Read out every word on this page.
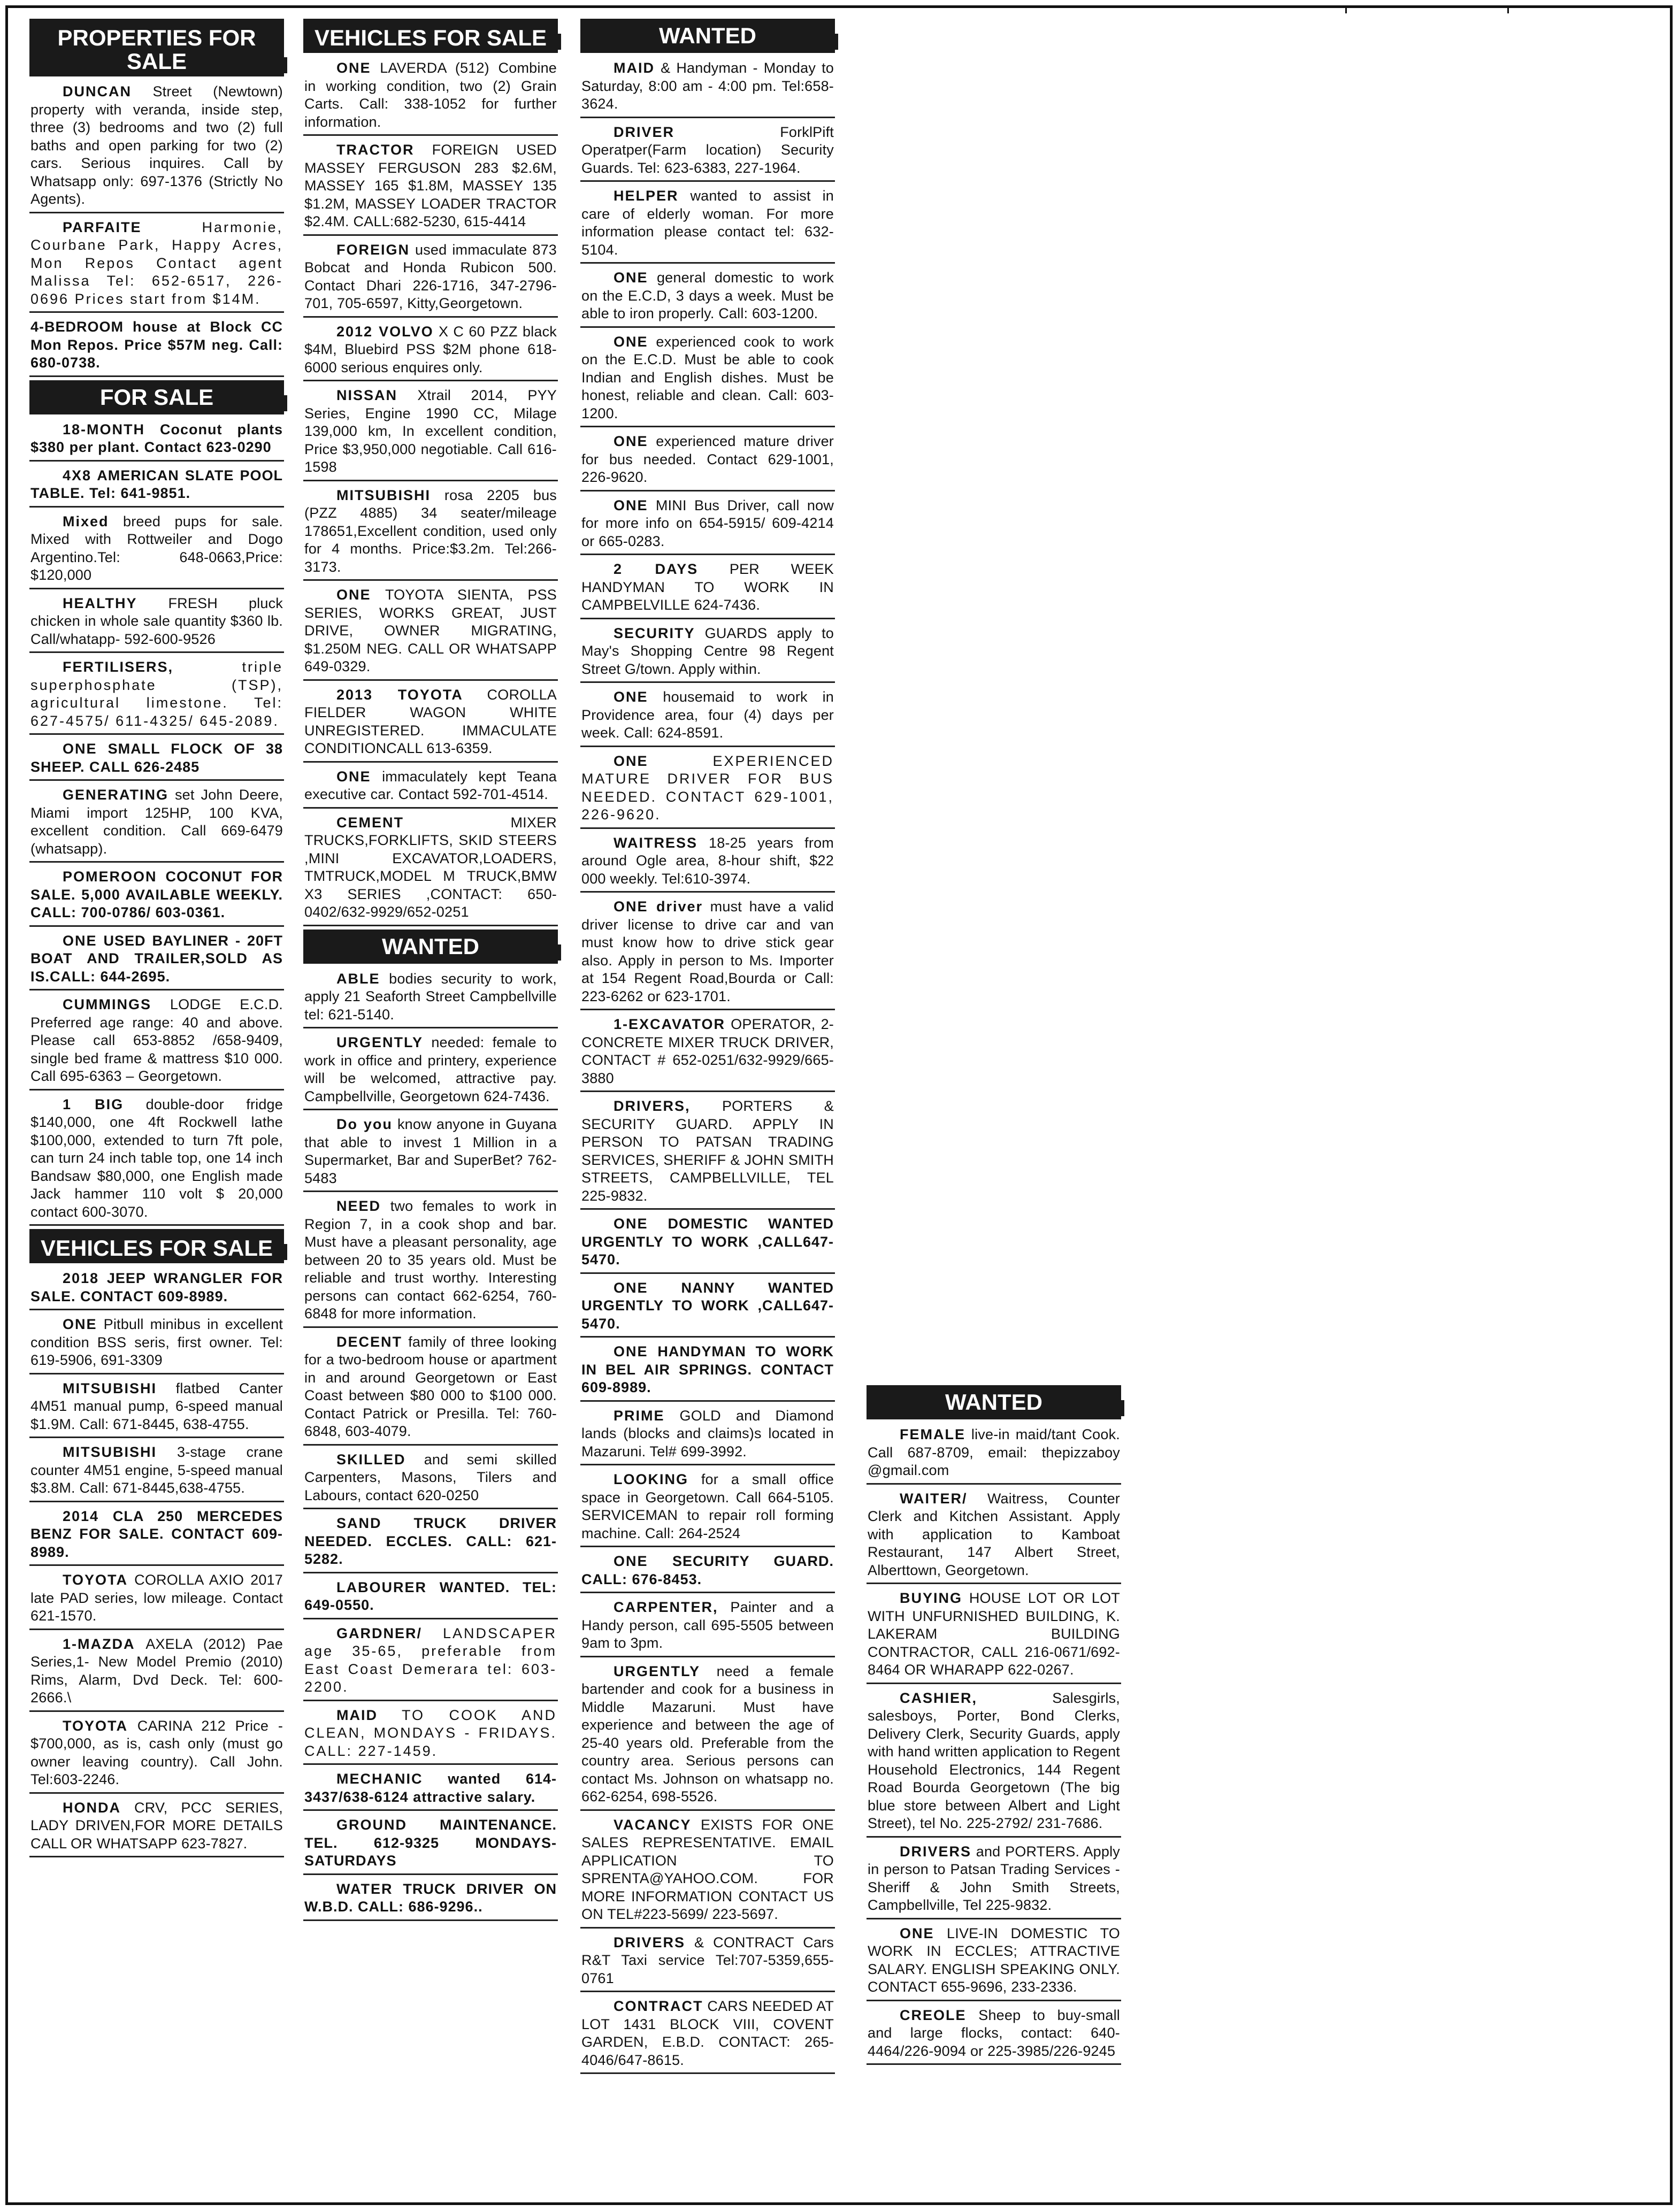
PROPERTIES FOR SALE
DUNCAN Street (Newtown) property with veranda, inside step, three (3) bedrooms and two (2) full baths and open parking for two (2) cars. Serious inquires. Call by Whatsapp only: 697-1376 (Strictly No Agents).
PARFAITE	Harmonie, Courbane Park, Happy Acres, Mon Repos Contact agent Malissa Tel: 652-6517, 226-0696 Prices start from $14M.
4-BEDROOM house at Block CC Mon Repos. Price $57M neg. Call: 680-0738.
FOR SALE
18-MONTH Coconut plants $380 per plant. Contact 623-0290
4X8 AMERICAN SLATE POOL TABLE. Tel: 641-9851.
Mixed breed pups for sale. Mixed with Rottweiler and Dogo Argentino.Tel: 648-0663,Price: $120,000
HEALTHY FRESH pluck chicken in whole sale quantity $360 lb. Call/whatapp- 592-600-9526
FERTILISERS,	triple superphosphate (TSP), agricultural limestone. Tel: 627-4575/ 611-4325/ 645-2089.
ONE SMALL FLOCK OF 38 SHEEP. CALL 626-2485
GENERATING set John Deere, Miami import 125HP, 100 KVA, excellent condition. Call 669-6479 (whatsapp).
POMEROON COCONUT FOR SALE. 5,000 AVAILABLE WEEKLY. CALL: 700-0786/ 603-0361.
ONE USED BAYLINER - 20FT BOAT AND TRAILER,SOLD AS IS.CALL: 644-2695.
CUMMINGS LODGE E.C.D. Preferred age range: 40 and above. Please call 653-8852 /658-9409, single bed frame & mattress $10 000. Call 695-6363 – Georgetown.
1 BIG double-door fridge $140,000, one 4ft Rockwell lathe $100,000, extended to turn 7ft pole, can turn 24 inch table top, one 14 inch Bandsaw $80,000, one English made Jack hammer 110 volt $ 20,000 contact 600-3070.
VEHICLES FOR SALE
2018 JEEP WRANGLER FOR SALE. CONTACT 609-8989.
ONE Pitbull minibus in excellent condition BSS seris, first owner. Tel: 619-5906, 691-3309
MITSUBISHI flatbed Canter 4M51 manual pump, 6-speed manual $1.9M. Call: 671-8445, 638-4755.
MITSUBISHI 3-stage crane counter 4M51 engine, 5-speed manual $3.8M. Call: 671-8445,638-4755.
2014 CLA 250 MERCEDES BENZ FOR SALE. CONTACT 609-8989.
TOYOTA COROLLA AXIO 2017 late PAD series, low mileage. Contact 621-1570.
1-MAZDA AXELA (2012) Pae Series,1- New Model Premio (2010) Rims, Alarm, Dvd Deck. Tel: 600-2666.\
TOYOTA CARINA 212 Price - $700,000, as is, cash only (must go owner leaving country). Call John. Tel:603-2246.
HONDA CRV, PCC SERIES, LADY DRIVEN,FOR MORE DETAILS CALL OR WHATSAPP 623-7827.
VEHICLES FOR SALE
ONE LAVERDA (512) Combine in working condition, two (2) Grain Carts. Call: 338-1052 for further information.
TRACTOR FOREIGN USED MASSEY FERGUSON 283 $2.6M, MASSEY 165 $1.8M, MASSEY 135 $1.2M, MASSEY LOADER TRACTOR $2.4M. CALL:682-5230, 615-4414
FOREIGN used immaculate 873 Bobcat and Honda Rubicon 500. Contact Dhari 226-1716, 347-2796-701, 705-6597, Kitty,Georgetown.
2012 VOLVO X C 60 PZZ black $4M, Bluebird PSS $2M phone 618-6000 serious enquires only.
NISSAN Xtrail 2014, PYY Series, Engine 1990 CC, Milage 139,000 km, In excellent condition, Price $3,950,000 negotiable. Call 616-1598
MITSUBISHI rosa 2205 bus (PZZ 4885) 34 seater/mileage 178651,Excellent condition, used only for 4 months. Price:$3.2m. Tel:266-3173.
ONE TOYOTA SIENTA, PSS SERIES, WORKS GREAT, JUST DRIVE, OWNER MIGRATING, $1.250M NEG. CALL OR WHATSAPP 649-0329.
2013 TOYOTA COROLLA FIELDER WAGON WHITE UNREGISTERED. IMMACULATE CONDITIONCALL 613-6359.
ONE immaculately kept Teana executive car. Contact 592-701-4514.
CEMENT	MIXER TRUCKS,FORKLIFTS, SKID STEERS ,MINI EXCAVATOR,LOADERS, TMTRUCK,MODEL M TRUCK,BMW X3 SERIES ,CONTACT: 650-0402/632-9929/652-0251
WANTED
ABLE bodies security to work, apply 21 Seaforth Street Campbellville tel: 621-5140.
URGENTLY needed: female to work in office and printery, experience will be welcomed, attractive pay. Campbellville, Georgetown 624-7436.
Do you know anyone in Guyana that able to invest 1 Million in a Supermarket, Bar and SuperBet? 762-5483
NEED two females to work in Region 7, in a cook shop and bar. Must have a pleasant personality, age between 20 to 35 years old. Must be reliable and trust worthy. Interesting persons can contact 662-6254, 760-6848 for more information.
DECENT family of three looking for a two-bedroom house or apartment in and around Georgetown or East Coast between $80 000 to $100 000. Contact Patrick or Presilla. Tel: 760-6848, 603-4079.
SKILLED and semi skilled Carpenters, Masons, Tilers and Labours, contact 620-0250
SAND TRUCK DRIVER NEEDED. ECCLES. CALL: 621-5282.
LABOURER WANTED. TEL: 649-0550.
GARDNER/ LANDSCAPER age 35-65, preferable from East Coast Demerara tel: 603-2200.
MAID TO COOK AND CLEAN, MONDAYS - FRIDAYS. CALL: 227-1459.
MECHANIC wanted 614-3437/638-6124 attractive salary.
GROUND MAINTENANCE. TEL. 612-9325 MONDAYS-SATURDAYS
WATER TRUCK DRIVER ON W.B.D. CALL: 686-9296..
WANTED
MAID & Handyman - Monday to Saturday, 8:00 am - 4:00 pm. Tel:658-3624.
DRIVER	ForklPift Operatper(Farm location) Security Guards. Tel: 623-6383, 227-1964.
HELPER wanted to assist in care of elderly woman. For more information please contact tel: 632-5104.
ONE general domestic to work on the E.C.D, 3 days a week. Must be able to iron properly. Call: 603-1200.
ONE experienced cook to work on the E.C.D. Must be able to cook Indian and English dishes. Must be honest, reliable and clean. Call: 603-1200.
ONE experienced mature driver for bus needed. Contact 629-1001, 226-9620.
ONE MINI Bus Driver, call now for more info on 654-5915/ 609-4214 or 665-0283.
2 DAYS PER WEEK HANDYMAN TO WORK IN CAMPBELVILLE 624-7436.
SECURITY GUARDS apply to May's Shopping Centre 98 Regent Street G/town. Apply within.
ONE housemaid to work in Providence area, four (4) days per week. Call: 624-8591.
ONE	EXPERIENCED MATURE DRIVER FOR BUS NEEDED. CONTACT 629-1001, 226-9620.
WAITRESS 18-25 years from around Ogle area, 8-hour shift, $22 000 weekly. Tel:610-3974.
ONE driver must have a valid driver license to drive car and van must know how to drive stick gear also. Apply in person to Ms. Importer at 154 Regent Road,Bourda or Call: 223-6262 or 623-1701.
1-EXCAVATOR OPERATOR, 2- CONCRETE MIXER TRUCK DRIVER, CONTACT # 652-0251/632-9929/665-3880
DRIVERS, PORTERS & SECURITY GUARD. APPLY IN PERSON TO PATSAN TRADING SERVICES, SHERIFF & JOHN SMITH STREETS, CAMPBELLVILLE, TEL 225-9832.
ONE DOMESTIC WANTED URGENTLY TO WORK ,CALL647-5470.
ONE NANNY WANTED URGENTLY TO WORK ,CALL647-5470.
ONE HANDYMAN TO WORK IN BEL AIR SPRINGS. CONTACT 609-8989.
PRIME GOLD and Diamond lands (blocks and claims)s located in Mazaruni. Tel# 699-3992.
LOOKING for a small office space in Georgetown. Call 664-5105. SERVICEMAN to repair roll forming machine. Call: 264-2524
ONE SECURITY GUARD. CALL: 676-8453.
CARPENTER, Painter and a Handy person, call 695-5505 between 9am to 3pm.
URGENTLY need a female bartender and cook for a business in Middle Mazaruni. Must have experience and between the age of 25-40 years old. Preferable from the country area. Serious persons can contact Ms. Johnson on whatsapp no. 662-6254, 698-5526.
VACANCY EXISTS FOR ONE SALES REPRESENTATIVE. EMAIL APPLICATION TO SPRENTA@YAHOO.COM. FOR MORE INFORMATION CONTACT US ON TEL#223-5699/ 223-5697.
DRIVERS & CONTRACT Cars R&T Taxi service Tel:707-5359,655-0761
CONTRACT CARS NEEDED AT LOT 1431 BLOCK VIII, COVENT GARDEN, E.B.D. CONTACT: 265-4046/647-8615.
WANTED
FEMALE live-in maid/tant Cook. Call 687-8709, email: thepizzaboy @gmail.com
WAITER/ Waitress, Counter Clerk and Kitchen Assistant. Apply with application to Kamboat Restaurant, 147 Albert Street, Alberttown, Georgetown.
BUYING HOUSE LOT OR LOT WITH UNFURNISHED BUILDING, K. LAKERAM BUILDING CONTRACTOR, CALL 216-0671/692-8464 OR WHARAPP 622-0267.
CASHIER,	Salesgirls, salesboys, Porter, Bond Clerks, Delivery Clerk, Security Guards, apply with hand written application to Regent Household Electronics, 144 Regent Road Bourda Georgetown (The big blue store between Albert and Light Street), tel No. 225-2792/ 231-7686.
DRIVERS and PORTERS. Apply in person to Patsan Trading Services - Sheriff & John Smith Streets, Campbellville, Tel 225-9832.
ONE LIVE-IN DOMESTIC TO WORK IN ECCLES; ATTRACTIVE SALARY. ENGLISH SPEAKING ONLY. CONTACT 655-9696, 233-2336.
CREOLE Sheep to buy-small and large flocks, contact: 640-4464/226-9094 or 225-3985/226-9245
